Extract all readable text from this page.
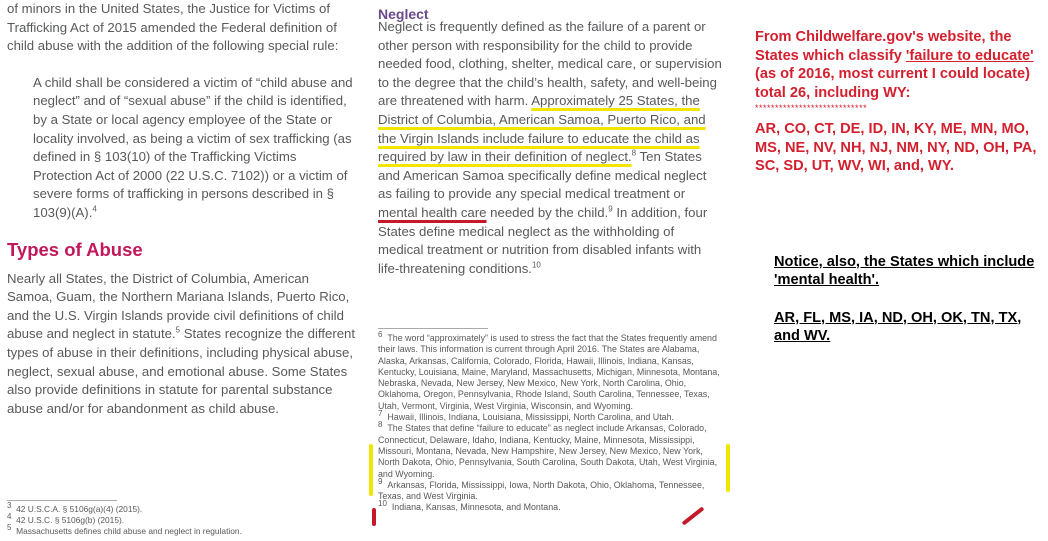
of minors in the United States, the Justice for Victims of Trafficking Act of 2015 amended the Federal definition of child abuse with the addition of the following special rule:

A child shall be considered a victim of “child abuse and neglect” and of “sexual abuse” if the child is identified, by a State or local agency employee of the State or locality involved, as being a victim of sex trafficking (as defined in § 103(10) of the Trafficking Victims Protection Act of 2000 (22 U.S.C. 7102)) or a victim of severe forms of trafficking in persons described in § 103(9)(A).$^4$

Types of Abuse

Nearly all States, the District of Columbia, American Samoa, Guam, the Northern Mariana Islands, Puerto Rico, and the U.S. Virgin Islands provide civil definitions of child abuse and neglect in statute.$^5$ States recognize the different types of abuse in their definitions, including physical abuse, neglect, sexual abuse, and emotional abuse. Some States also provide definitions in statute for parental substance abuse and/or for abandonment as child abuse.

3 42 U.S.C.A. § 5106g(a)(4) (2015).
4 42 U.S.C. § 5106g(b) (2015).
5 Massachusetts defines child abuse and neglect in regulation.
Neglect

Neglect is frequently defined as the failure of a parent or other person with responsibility for the child to provide needed food, clothing, shelter, medical care, or supervision to the degree that the child’s health, safety, and well-being are threatened with harm. Approximately 25 States, the District of Columbia, American Samoa, Puerto Rico, and the Virgin Islands include failure to educate the child as required by law in their definition of neglect.$^8$ Ten States and American Samoa specifically define medical neglect as failing to provide any special medical treatment or mental health care needed by the child.$^9$ In addition, four States define medical neglect as the withholding of medical treatment or nutrition from disabled infants with life-threatening conditions.$^{10}$

6 The word “approximately” is used to stress the fact that the States frequently amend their laws. This information is current through April 2016. The States are Alabama, Alaska, Arkansas, California, Colorado, Florida, Hawaii, Illinois, Indiana, Kansas, Kentucky, Louisiana, Maine, Maryland, Massachusetts, Michigan, Minnesota, Montana, Nebraska, Nevada, New Jersey, New Mexico, New York, North Carolina, Ohio, Oklahoma, Oregon, Pennsylvania, Rhode Island, South Carolina, Tennessee, Texas, Utah, Vermont, Virginia, West Virginia, Wisconsin, and Wyoming.
7 Hawaii, Illinois, Indiana, Louisiana, Mississippi, North Carolina, and Utah.
8 The States that define “failure to educate” as neglect include Arkansas, Colorado, Connecticut, Delaware, Idaho, Indiana, Kentucky, Maine, Minnesota, Mississippi, Missouri, Montana, Nevada, New Hampshire, New Jersey, New Mexico, New York, North Dakota, Ohio, Pennsylvania, South Carolina, South Dakota, Utah, West Virginia, and Wyoming.
9 Arkansas, Florida, Mississippi, Iowa, North Dakota, Ohio, Oklahoma, Tennessee, Texas, and West Virginia.
10 Indiana, Kansas, Minnesota, and Montana.

From Childwelfare.gov's website, the States which classify 'failure to educate' (as of 2016, most current I could locate) total 26, including WY:

****************************

AR, CO, CT, DE, ID, IN, KY, ME, MN, MO, MS, NE, NV, NH, NJ, NM, NY, ND, OH, PA, SC, SD, UT, WV, WI, and, WY.

Notice, also, the States which include 'mental health'.

AR, FL, MS, IA, ND, OH, OK, TN, TX, and WV.
